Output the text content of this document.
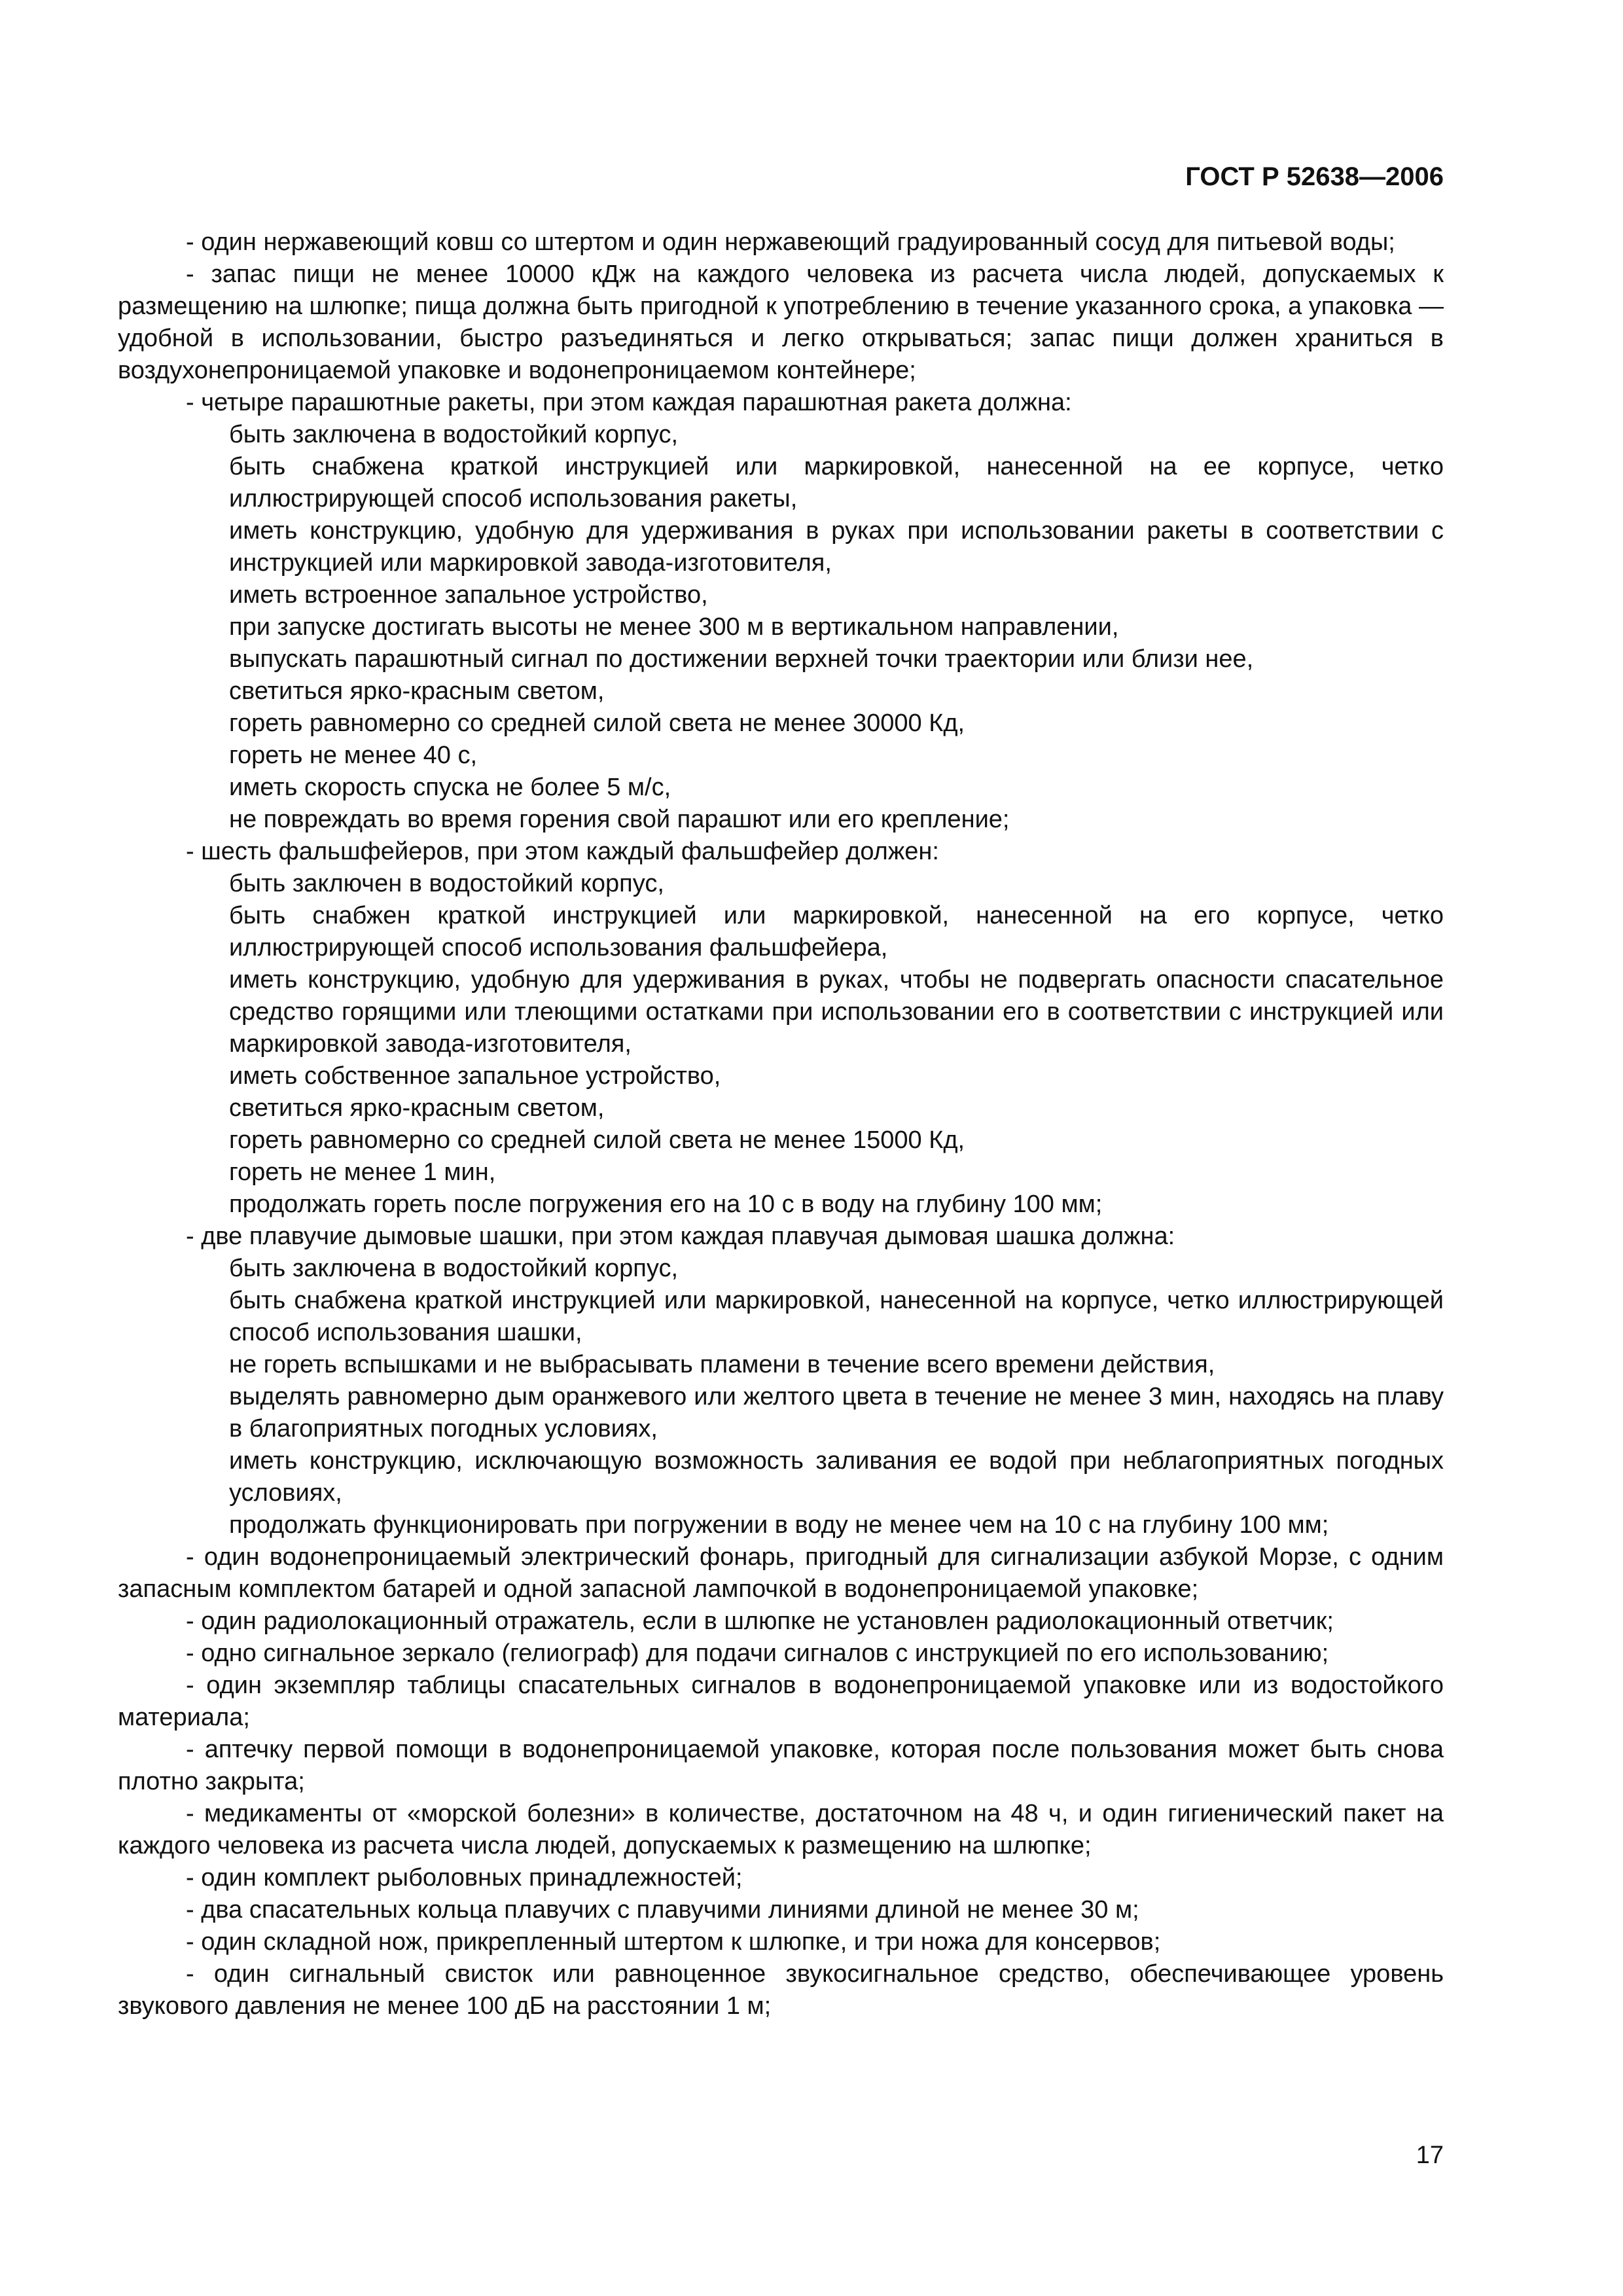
ГОСТ Р 52638—2006

- один нержавеющий ковш со штертом и один нержавеющий градуированный сосуд для питьевой воды;

- запас пищи не менее 10000 кДж на каждого человека из расчета числа людей, допускаемых к размещению на шлюпке; пища должна быть пригодной к употреблению в течение указанного срока, а упаковка — удобной в использовании, быстро разъединяться и легко открываться; запас пищи должен храниться в воздухонепроницаемой упаковке и водонепроницаемом контейнере;

- четыре парашютные ракеты, при этом каждая парашютная ракета должна:

быть заключена в водостойкий корпус,

быть снабжена краткой инструкцией или маркировкой, нанесенной на ее корпусе, четко иллюстрирующей способ использования ракеты,

иметь конструкцию, удобную для удерживания в руках при использовании ракеты в соответствии с инструкцией или маркировкой завода-изготовителя,

иметь встроенное запальное устройство,

при запуске достигать высоты не менее 300 м в вертикальном направлении,

выпускать парашютный сигнал по достижении верхней точки траектории или близи нее,

светиться ярко-красным светом,

гореть равномерно со средней силой света не менее 30000 Кд,

гореть не менее 40 с,

иметь скорость спуска не более 5 м/с,

не повреждать во время горения свой парашют или его крепление;

- шесть фальшфейеров, при этом каждый фальшфейер должен:

быть заключен в водостойкий корпус,

быть снабжен краткой инструкцией или маркировкой, нанесенной на его корпусе, четко иллюстрирующей способ использования фальшфейера,

иметь конструкцию, удобную для удерживания в руках, чтобы не подвергать опасности спасательное средство горящими или тлеющими остатками при использовании его в соответствии с инструкцией или маркировкой завода-изготовителя,

иметь собственное запальное устройство,

светиться ярко-красным светом,

гореть равномерно со средней силой света не менее 15000 Кд,

гореть не менее 1 мин,

продолжать гореть после погружения его на 10 с в воду на глубину 100 мм;

- две плавучие дымовые шашки, при этом каждая плавучая дымовая шашка должна:

быть заключена в водостойкий корпус,

быть снабжена краткой инструкцией или маркировкой, нанесенной на корпусе, четко иллюстрирующей способ использования шашки,

не гореть вспышками и не выбрасывать пламени в течение всего времени действия,

выделять равномерно дым оранжевого или желтого цвета в течение не менее 3 мин, находясь на плаву в благоприятных погодных условиях,

иметь конструкцию, исключающую возможность заливания ее водой при неблагоприятных погодных условиях,

продолжать функционировать при погружении в воду не менее чем на 10 с на глубину 100 мм;

- один водонепроницаемый электрический фонарь, пригодный для сигнализации азбукой Морзе, с одним запасным комплектом батарей и одной запасной лампочкой в водонепроницаемой упаковке;

- один радиолокационный отражатель, если в шлюпке не установлен радиолокационный ответчик;

- одно сигнальное зеркало (гелиограф) для подачи сигналов с инструкцией по его использованию;

- один экземпляр таблицы спасательных сигналов в водонепроницаемой упаковке или из водостойкого материала;

- аптечку первой помощи в водонепроницаемой упаковке, которая после пользования может быть снова плотно закрыта;

- медикаменты от «морской болезни» в количестве, достаточном на 48 ч, и один гигиенический пакет на каждого человека из расчета числа людей, допускаемых к размещению на шлюпке;

- один комплект рыболовных принадлежностей;

- два спасательных кольца плавучих с плавучими линиями длиной не менее 30 м;

- один складной нож, прикрепленный штертом к шлюпке, и три ножа для консервов;

- один сигнальный свисток или равноценное звукосигнальное средство, обеспечивающее уровень звукового давления не менее 100 дБ на расстоянии 1 м;

17
